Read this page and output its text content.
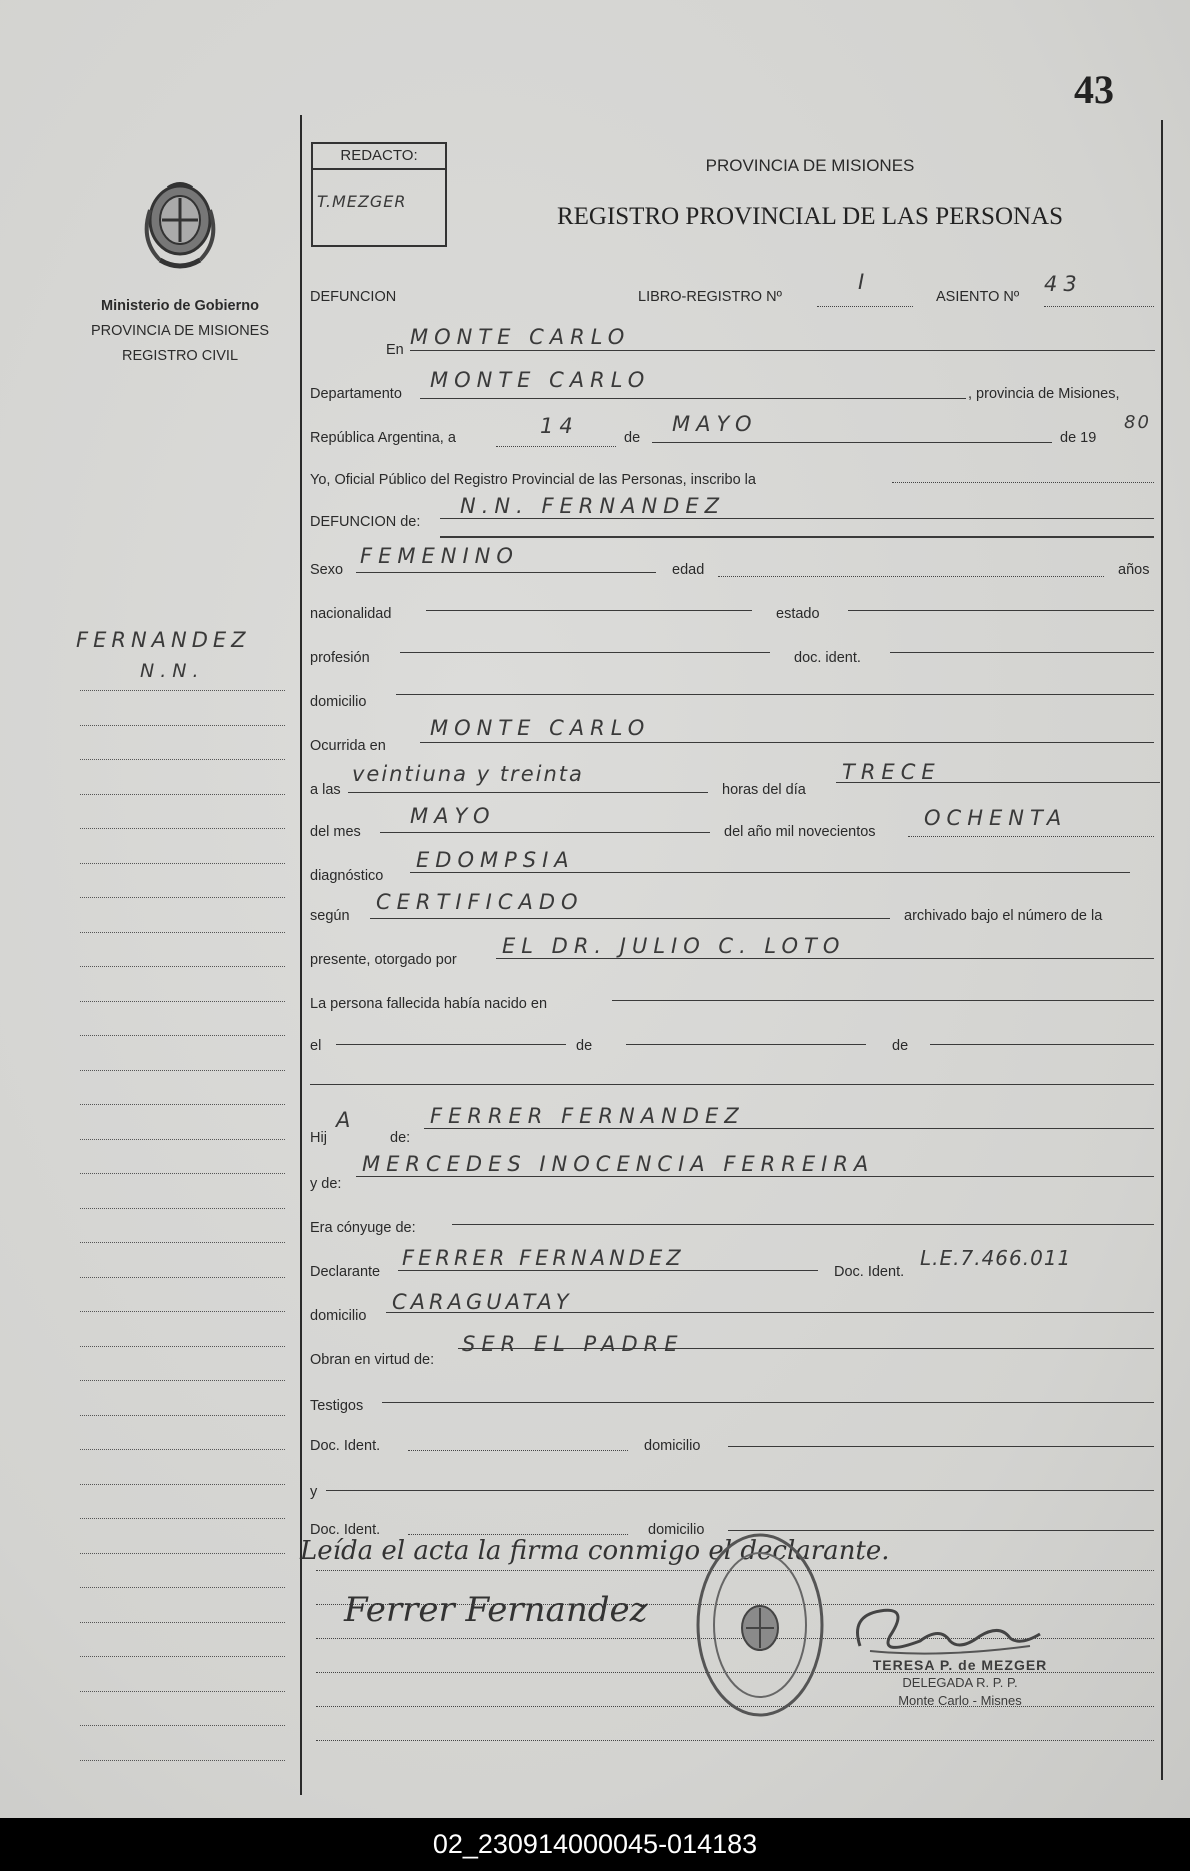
43
REDACTO:
T.MEZGER
PROVINCIA DE MISIONES
REGISTRO PROVINCIAL DE LAS PERSONAS
Ministerio de Gobierno
PROVINCIA DE MISIONES
REGISTRO CIVIL
FERNANDEZ
N.N.
DEFUNCION	LIBRO-REGISTRO Nº
I
ASIENTO Nº
43
En
MONTE CARLO
Departamento
MONTE CARLO
, provincia de Misiones,
República Argentina, a	14	de
MAYO
de 19
80
Yo, Oficial Público del Registro Provincial de las Personas, inscribo la
DEFUNCION de:
N.N. FERNANDEZ
Sexo
FEMENINO
edad	años
nacionalidad	estado
profesión	doc. ident.
domicilio
Ocurrida en
MONTE CARLO
a las
veintiuna y treinta
horas del día
TRECE
del mes
MAYO
del año mil novecientos
OCHENTA
diagnóstico
EDOMPSIA
según
CERTIFICADO
archivado bajo el número de la
presente, otorgado por
EL DR. JULIO C. LOTO
La persona fallecida había nacido en
el	de	de
Hij
A
de:
FERRER FERNANDEZ
y de:
MERCEDES INOCENCIA FERREIRA
Era cónyuge de:
Declarante
FERRER FERNANDEZ
Doc. Ident.
L.E.7.466.011
domicilio
CARAGUATAY
Obran en virtud de:
SER EL PADRE
Testigos
Doc. Ident.	domicilio
y
Doc. Ident.	domicilio
Leída el acta la firma conmigo el declarante.
Ferrer Fernandez
TERESA P. de MEZGER
DELEGADA R. P. P.
Monte Carlo - Misnes
02_230914000045-014183
